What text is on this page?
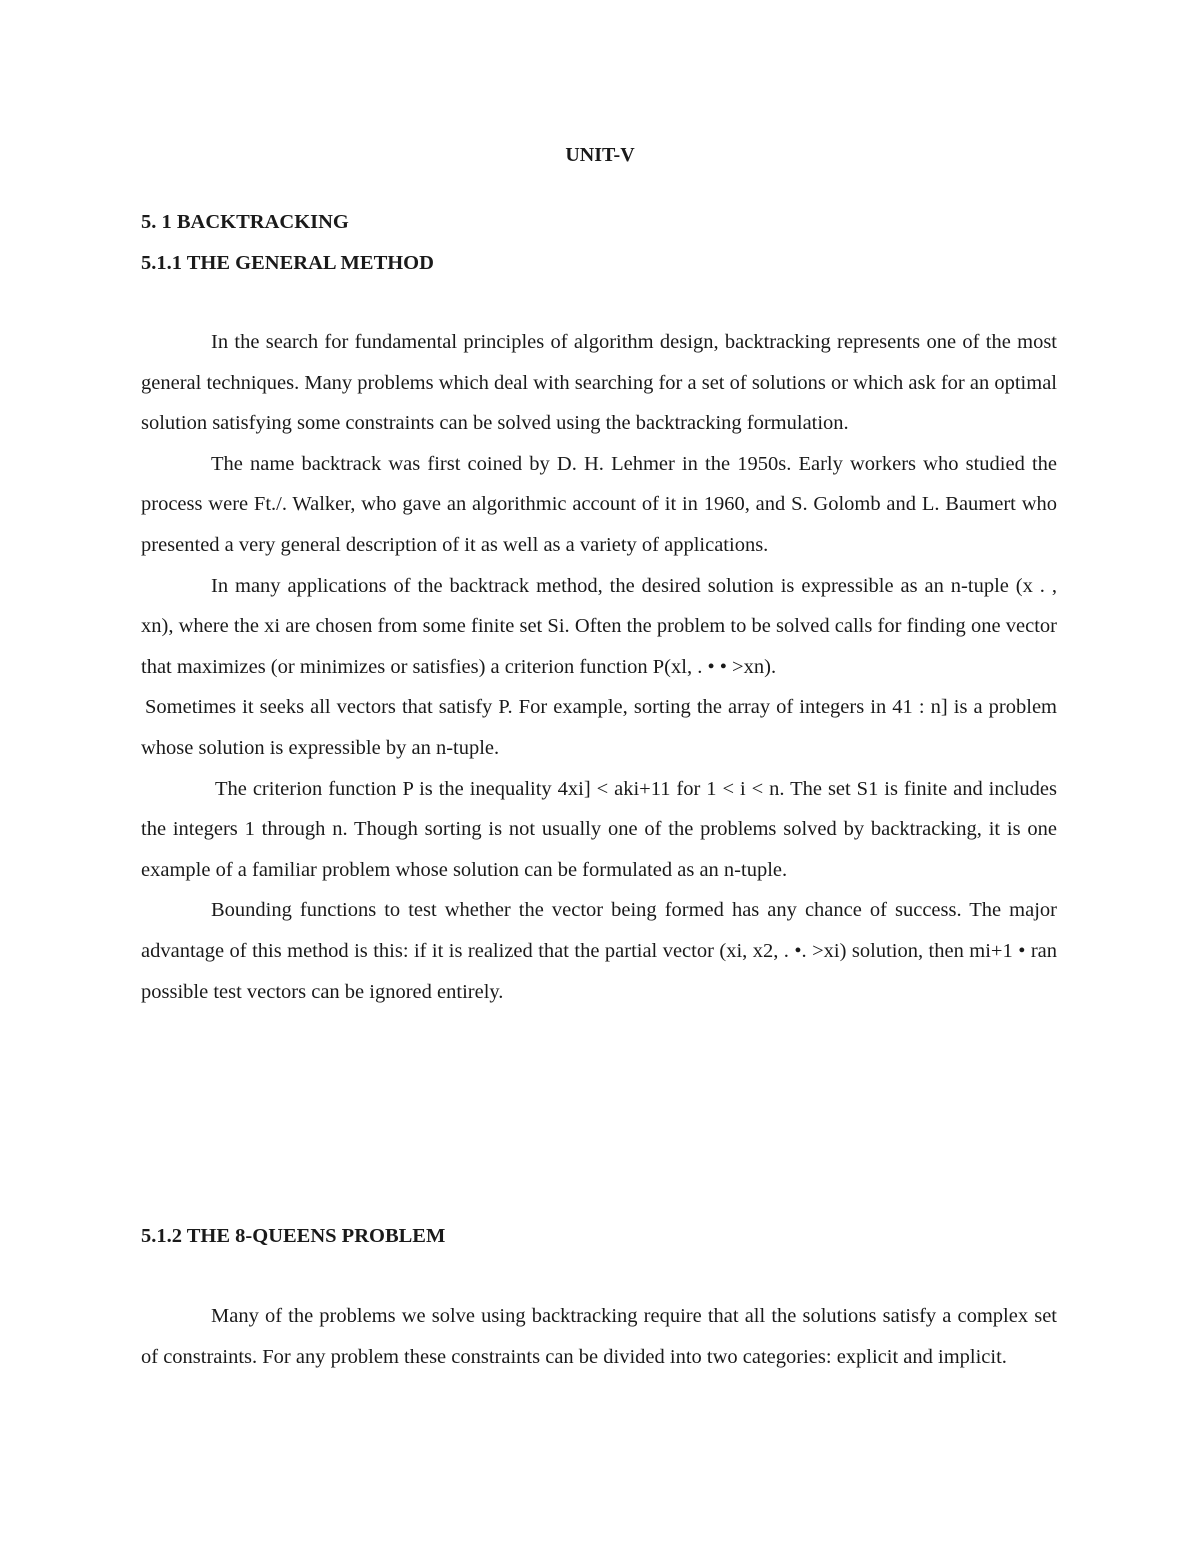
UNIT-V
5. 1 BACKTRACKING
5.1.1 THE GENERAL METHOD

In the search for fundamental principles of algorithm design, backtracking represents one of the most general techniques. Many problems which deal with searching for a set of solutions or which ask for an optimal solution satisfying some constraints can be solved using the backtracking formulation.

The name backtrack was first coined by D. H. Lehmer in the 1950s. Early workers who studied the process were Ft./. Walker, who gave an algorithmic account of it in 1960, and S. Golomb and L. Baumert who presented a very general description of it as well as a variety of applications.

In many applications of the backtrack method, the desired solution is expressible as an n-tuple (x . , xn), where the xi are chosen from some finite set Si. Often the problem to be solved calls for finding one vector that maximizes (or minimizes or satisfies) a criterion function P(xl, . • • >xn).

Sometimes it seeks all vectors that satisfy P. For example, sorting the array of integers in 41 : n] is a problem whose solution is expressible by an n-tuple.

The criterion function P is the inequality 4xi] < aki+11 for 1 < i < n. The set S1 is finite and includes the integers 1 through n. Though sorting is not usually one of the problems solved by backtracking, it is one example of a familiar problem whose solution can be formulated as an n-tuple.

Bounding functions to test whether the vector being formed has any chance of success. The major advantage of this method is this: if it is realized that the partial vector (xi, x2, . •. >xi) solution, then mi+1 • ran possible test vectors can be ignored entirely.

5.1.2 THE 8-QUEENS PROBLEM

Many of the problems we solve using backtracking require that all the solutions satisfy a complex set of constraints. For any problem these constraints can be divided into two categories: explicit and implicit.
